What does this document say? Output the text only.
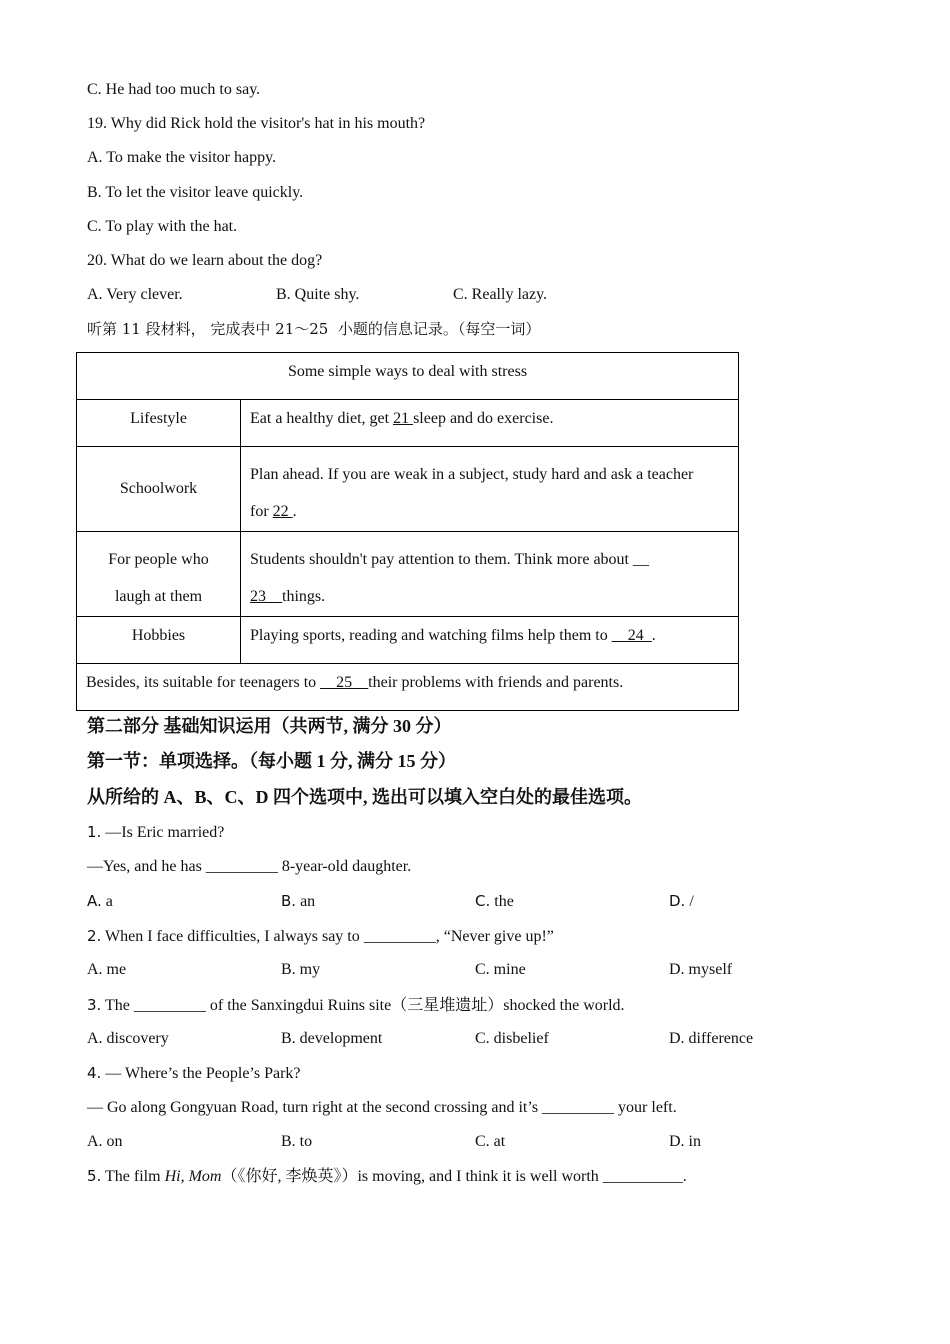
C. He had too much to say.
19. Why did Rick hold the visitor's hat in his mouth?
A. To make the visitor happy.
B. To let the visitor leave quickly.
C. To play with the hat.
20. What do we learn about the dog?
A. Very clever.	B. Quite shy.	C. Really lazy.
听第 11 段材料， 完成表中 21～25  小题的信息记录。（每空一词）
Some simple ways to deal with stress	

Lifestyle	Eat a healthy diet, get 21 sleep and do exercise.

Schoolwork	Plan ahead. If you are weak in a subject, study hard and ask a teacher
for 22 .

For people who
laugh at them	Students shouldn't pay attention to them. Think more about __
23__things.

Hobbies	Playing sports, reading and watching films help them to __24_.

Besides, its suitable for teenagers to __25__their problems with friends and parents.	
第二部分 基础知识运用（共两节, 满分 30 分）
第一节：单项选择。（每小题 1 分, 满分 15 分）
从所给的 A、B、C、D 四个选项中, 选出可以填入空白处的最佳选项。
1. —Is Eric married?
—Yes, and he has _________ 8-year-old daughter.
A. a	B. an	C. the	D. /
2. When I face difficulties, I always say to _________, “Never give up!”
A. me	B. my	C. mine	D. myself
3. The _________ of the Sanxingdui Ruins site（三星堆遗址）shocked the world.
A. discovery	B. development	C. disbelief	D. difference
4. — Where’s the People’s Park?
— Go along Gongyuan Road, turn right at the second crossing and it’s _________ your left.
A. on	B. to	C. at	D. in
5. The film Hi, Mom（《你好, 李焕英》）is moving, and I think it is well worth __________.
